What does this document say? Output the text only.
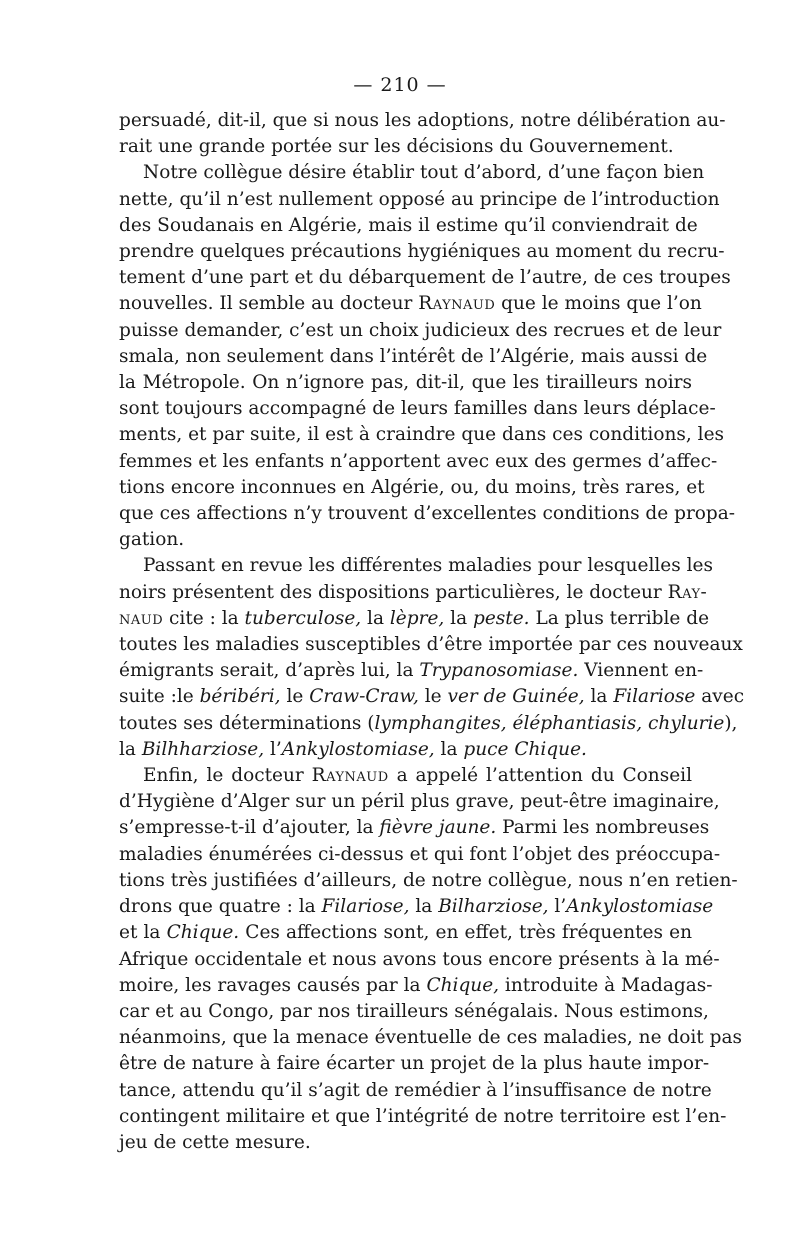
— 210 —
persuadé, dit-il, que si nous les adoptions, notre délibération au-
rait une grande portée sur les décisions du Gouvernement.
Notre collègue désire établir tout d’abord, d’une façon bien
nette, qu’il n’est nullement opposé au principe de l’introduction
des Soudanais en Algérie, mais il estime qu’il conviendrait de
prendre quelques précautions hygiéniques au moment du recru-
tement d’une part et du débarquement de l’autre, de ces troupes
nouvelles. Il semble au docteur Raynaud que le moins que l’on
puisse demander, c’est un choix judicieux des recrues et de leur
smala, non seulement dans l’intérêt de l’Algérie, mais aussi de
la Métropole. On n’ignore pas, dit-il, que les tirailleurs noirs
sont toujours accompagné de leurs familles dans leurs déplace-
ments, et par suite, il est à craindre que dans ces conditions, les
femmes et les enfants n’apportent avec eux des germes d’affec-
tions encore inconnues en Algérie, ou, du moins, très rares, et
que ces affections n’y trouvent d’excellentes conditions de propa-
gation.
Passant en revue les différentes maladies pour lesquelles les
noirs présentent des dispositions particulières, le docteur Ray-
naud cite : la tuberculose, la lèpre, la peste. La plus terrible de
toutes les maladies susceptibles d’être importée par ces nouveaux
émigrants serait, d’après lui, la Trypanosomiase. Viennent en-
suite :le béribéri, le Craw-Craw, le ver de Guinée, la Filariose avec
toutes ses déterminations (lymphangites, éléphantiasis, chylurie),
la Bilhharziose, l’Ankylostomiase, la puce Chique.
Enfin, le docteur Raynaud a appelé l’attention du Conseil
d’Hygiène d’Alger sur un péril plus grave, peut-être imaginaire,
s’empresse-t-il d’ajouter, la fièvre jaune. Parmi les nombreuses
maladies énumérées ci-dessus et qui font l’objet des préoccupa-
tions très justifiées d’ailleurs, de notre collègue, nous n’en retien-
drons que quatre : la Filariose, la Bilharziose, l’Ankylostomiase
et la Chique. Ces affections sont, en effet, très fréquentes en
Afrique occidentale et nous avons tous encore présents à la mé-
moire, les ravages causés par la Chique, introduite à Madagas-
car et au Congo, par nos tirailleurs sénégalais. Nous estimons,
néanmoins, que la menace éventuelle de ces maladies, ne doit pas
être de nature à faire écarter un projet de la plus haute impor-
tance, attendu qu’il s’agit de remédier à l’insuffisance de notre
contingent militaire et que l’intégrité de notre territoire est l’en-
jeu de cette mesure.
